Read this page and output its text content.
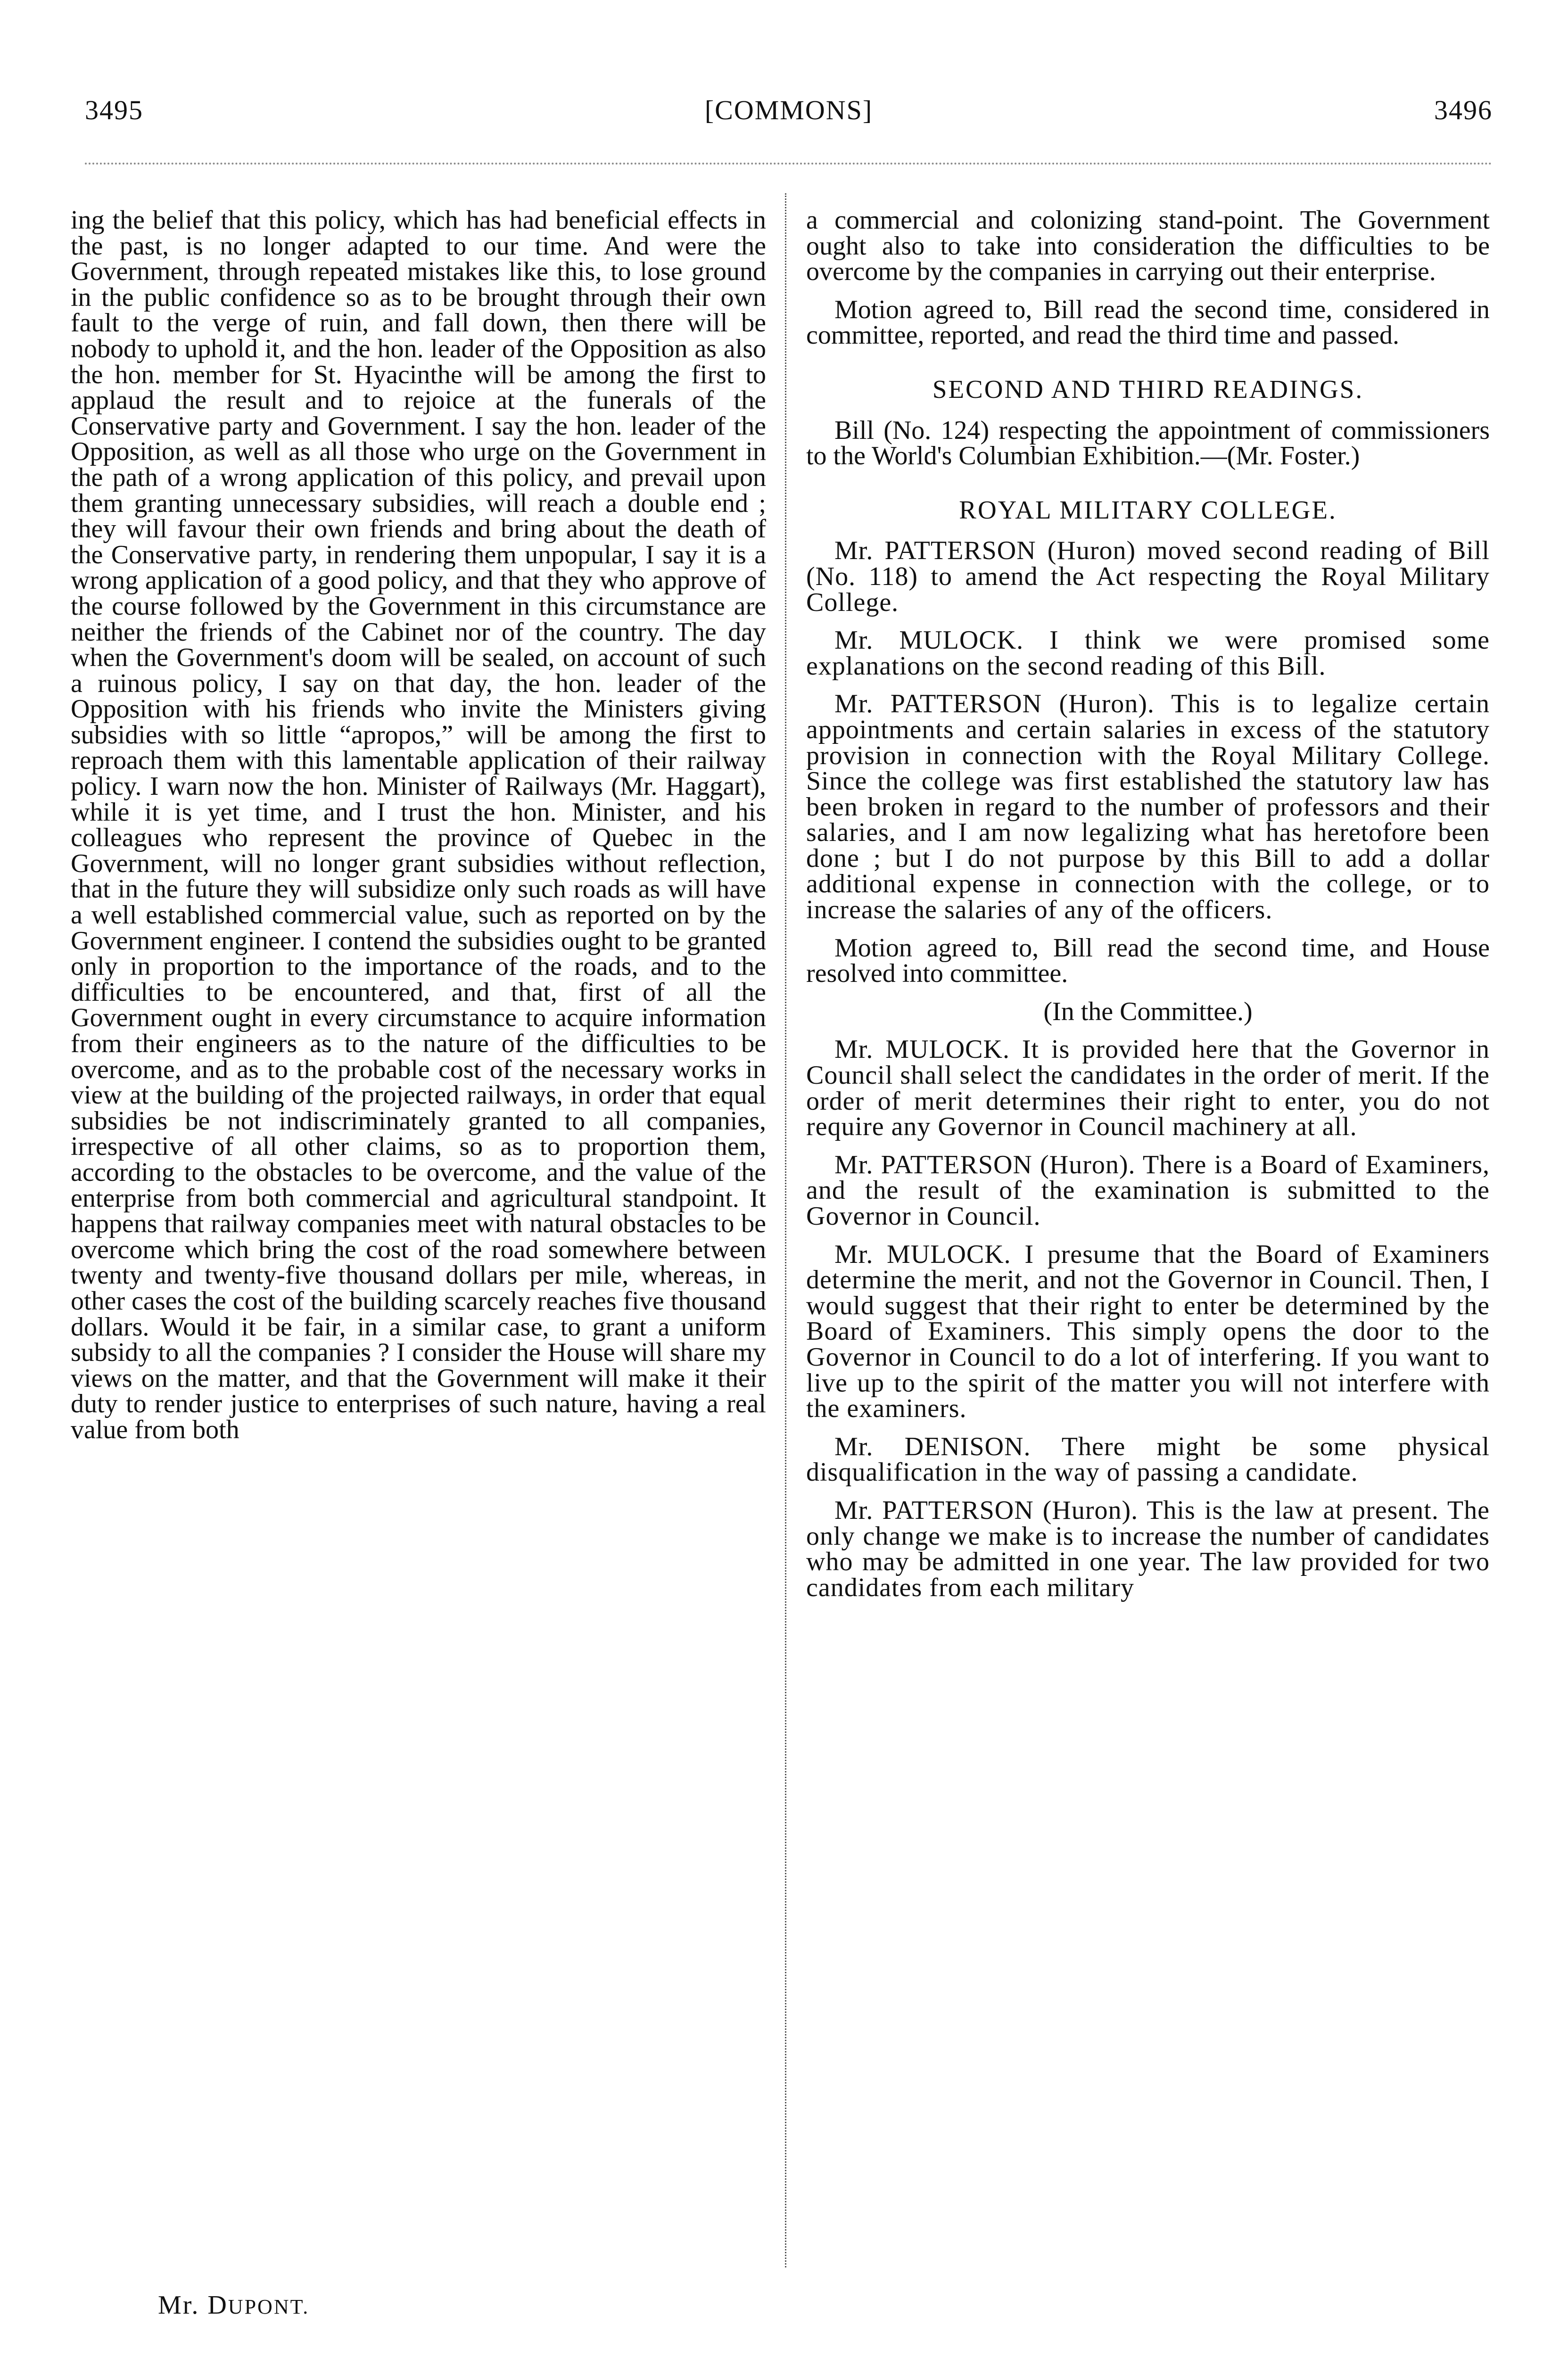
3495	[COMMONS]	3496

ing the belief that this policy, which has had beneficial effects in the past, is no longer adapted to our time. And were the Government, through repeated mistakes like this, to lose ground in the public confidence so as to be brought through their own fault to the verge of ruin, and fall down, then there will be nobody to uphold it, and the hon. leader of the Opposition as also the hon. member for St. Hyacinthe will be among the first to applaud the result and to rejoice at the funerals of the Conservative party and Government. I say the hon. leader of the Opposition, as well as all those who urge on the Government in the path of a wrong application of this policy, and prevail upon them granting unnecessary subsidies, will reach a double end ; they will favour their own friends and bring about the death of the Conservative party, in rendering them unpopular, I say it is a wrong application of a good policy, and that they who approve of the course followed by the Government in this circumstance are neither the friends of the Cabinet nor of the country. The day when the Government's doom will be sealed, on account of such a ruinous policy, I say on that day, the hon. leader of the Opposition with his friends who invite the Ministers giving subsidies with so little “apropos,” will be among the first to reproach them with this lamentable application of their railway policy. I warn now the hon. Minister of Railways (Mr. Haggart), while it is yet time, and I trust the hon. Minister, and his colleagues who represent the province of Quebec in the Government, will no longer grant subsidies without reflection, that in the future they will subsidize only such roads as will have a well established commercial value, such as reported on by the Government engineer. I contend the subsidies ought to be granted only in proportion to the importance of the roads, and to the difficulties to be encountered, and that, first of all the Government ought in every circumstance to acquire information from their engineers as to the nature of the difficulties to be overcome, and as to the probable cost of the necessary works in view at the building of the projected railways, in order that equal subsidies be not indiscriminately granted to all companies, irrespective of all other claims, so as to proportion them, according to the obstacles to be overcome, and the value of the enterprise from both commercial and agricultural standpoint. It happens that railway companies meet with natural obstacles to be overcome which bring the cost of the road somewhere between twenty and twenty-five thousand dollars per mile, whereas, in other cases the cost of the building scarcely reaches five thousand dollars. Would it be fair, in a similar case, to grant a uniform subsidy to all the companies ? I consider the House will share my views on the matter, and that the Government will make it their duty to render justice to enterprises of such nature, having a real value from both

Mr. DUPONT.

a commercial and colonizing stand-point. The Government ought also to take into consideration the difficulties to be overcome by the companies in carrying out their enterprise.

Motion agreed to, Bill read the second time, considered in committee, reported, and read the third time and passed.

SECOND AND THIRD READINGS.

Bill (No. 124) respecting the appointment of commissioners to the World's Columbian Exhibition.—(Mr. Foster.)

ROYAL MILITARY COLLEGE.

Mr. PATTERSON (Huron) moved second reading of Bill (No. 118) to amend the Act respecting the Royal Military College.

Mr. MULOCK. I think we were promised some explanations on the second reading of this Bill.

Mr. PATTERSON (Huron). This is to legalize certain appointments and certain salaries in excess of the statutory provision in connection with the Royal Military College. Since the college was first established the statutory law has been broken in regard to the number of professors and their salaries, and I am now legalizing what has heretofore been done ; but I do not purpose by this Bill to add a dollar additional expense in connection with the college, or to increase the salaries of any of the officers.

Motion agreed to, Bill read the second time, and House resolved into committee.

(In the Committee.)

Mr. MULOCK. It is provided here that the Governor in Council shall select the candidates in the order of merit. If the order of merit determines their right to enter, you do not require any Governor in Council machinery at all.

Mr. PATTERSON (Huron). There is a Board of Examiners, and the result of the examination is submitted to the Governor in Council.

Mr. MULOCK. I presume that the Board of Examiners determine the merit, and not the Governor in Council. Then, I would suggest that their right to enter be determined by the Board of Examiners. This simply opens the door to the Governor in Council to do a lot of interfering. If you want to live up to the spirit of the matter you will not interfere with the examiners.

Mr. DENISON. There might be some physical disqualification in the way of passing a candidate.

Mr. PATTERSON (Huron). This is the law at present. The only change we make is to increase the number of candidates who may be admitted in one year. The law provided for two candidates from each military
